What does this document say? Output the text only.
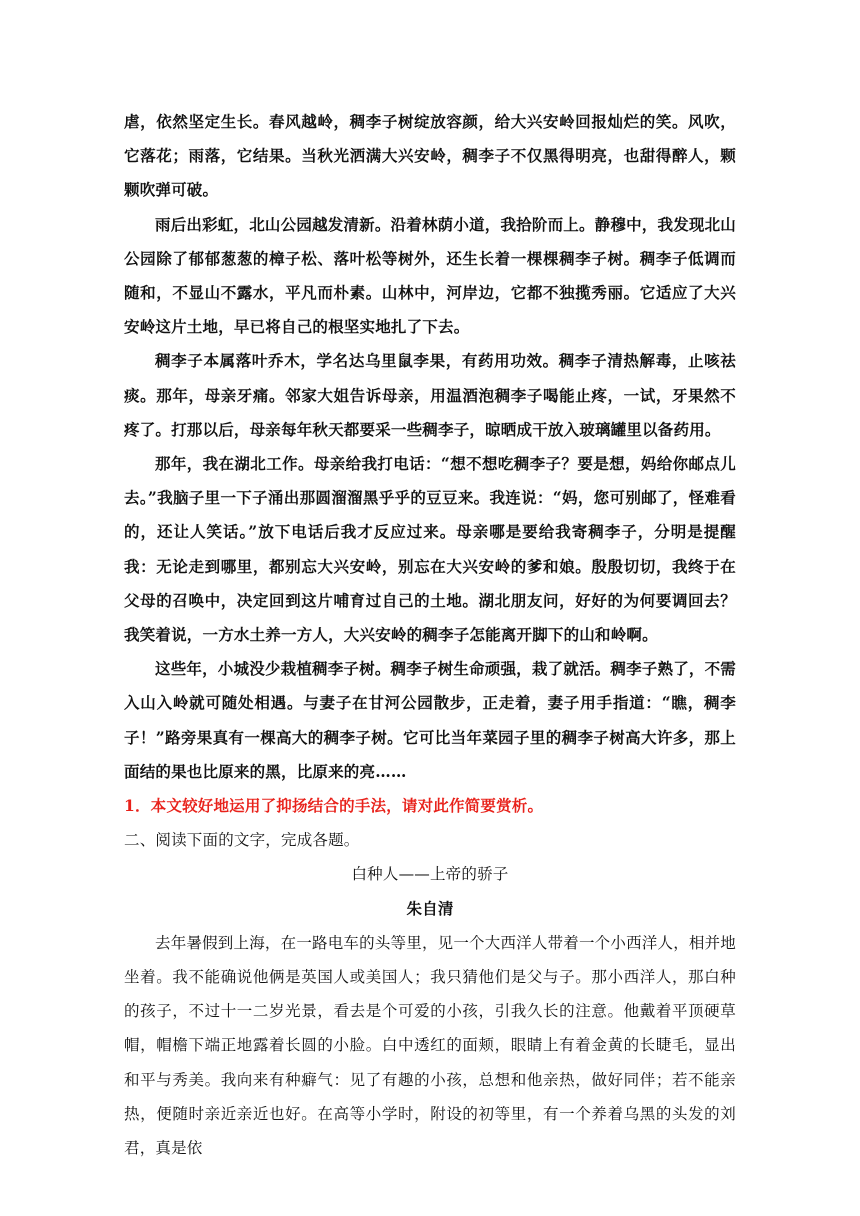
虐，依然坚定生长。春风越岭，稠李子树绽放容颜，给大兴安岭回报灿烂的笑。风吹，它落花；雨落，它结果。当秋光洒满大兴安岭，稠李子不仅黑得明亮，也甜得醉人，颗颗吹弹可破。

雨后出彩虹，北山公园越发清新。沿着林荫小道，我拾阶而上。静穆中，我发现北山公园除了郁郁葱葱的樟子松、落叶松等树外，还生长着一棵棵稠李子树。稠李子低调而随和，不显山不露水，平凡而朴素。山林中，河岸边，它都不独揽秀丽。它适应了大兴安岭这片土地，早已将自己的根坚实地扎了下去。

稠李子本属落叶乔木，学名达乌里鼠李果，有药用功效。稠李子清热解毒，止咳祛痰。那年，母亲牙痛。邻家大姐告诉母亲，用温酒泡稠李子喝能止疼，一试，牙果然不疼了。打那以后，母亲每年秋天都要采一些稠李子，晾晒成干放入玻璃罐里以备药用。

那年，我在湖北工作。母亲给我打电话：“想不想吃稠李子？要是想，妈给你邮点儿去。”我脑子里一下子涌出那圆溜溜黑乎乎的豆豆来。我连说：“妈，您可别邮了，怪难看的，还让人笑话。”放下电话后我才反应过来。母亲哪是要给我寄稠李子，分明是提醒我：无论走到哪里，都别忘大兴安岭，别忘在大兴安岭的爹和娘。殷殷切切，我终于在父母的召唤中，决定回到这片哺育过自己的土地。湖北朋友问，好好的为何要调回去？我笑着说，一方水土养一方人，大兴安岭的稠李子怎能离开脚下的山和岭啊。

这些年，小城没少栽植稠李子树。稠李子树生命顽强，栽了就活。稠李子熟了，不需入山入岭就可随处相遇。与妻子在甘河公园散步，正走着，妻子用手指道：“瞧，稠李子！”路旁果真有一棵高大的稠李子树。它可比当年菜园子里的稠李子树高大许多，那上面结的果也比原来的黑，比原来的亮……

1．本文较好地运用了抑扬结合的手法，请对此作简要赏析。

二、阅读下面的文字，完成各题。

白种人——上帝的骄子

朱自清

去年暑假到上海，在一路电车的头等里，见一个大西洋人带着一个小西洋人，相并地坐着。我不能确说他俩是英国人或美国人；我只猜他们是父与子。那小西洋人，那白种的孩子，不过十一二岁光景，看去是个可爱的小孩，引我久长的注意。他戴着平顶硬草帽，帽檐下端正地露着长圆的小脸。白中透红的面颊，眼睛上有着金黄的长睫毛，显出和平与秀美。我向来有种癖气：见了有趣的小孩，总想和他亲热，做好同伴；若不能亲热，便随时亲近亲近也好。在高等小学时，附设的初等里，有一个养着乌黑的头发的刘君，真是依
